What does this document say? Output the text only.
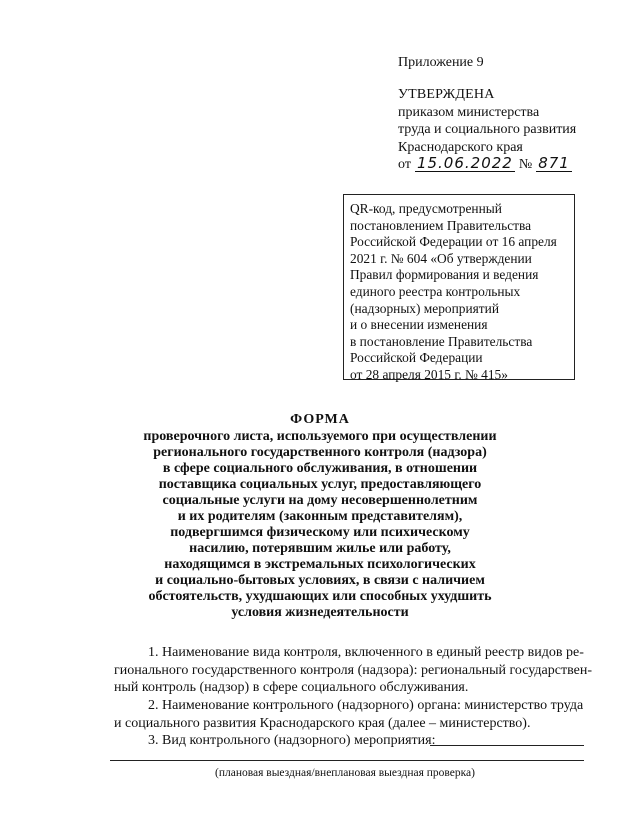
Приложение 9
УТВЕРЖДЕНА
приказом министерства
труда и социального развития
Краснодарского края
от 15.06.2022 № 871
QR-код, предусмотренный
постановлением Правительства
Российской Федерации от 16 апреля
2021 г. № 604 «Об утверждении
Правил формирования и ведения
единого реестра контрольных
(надзорных) мероприятий
и о внесении изменения
в постановление Правительства
Российской Федерации
от 28 апреля 2015 г. № 415»
ФОРМА
проверочного листа, используемого при осуществлении
регионального государственного контроля (надзора)
в сфере социального обслуживания, в отношении
поставщика социальных услуг, предоставляющего
социальные услуги на дому несовершеннолетним
и их родителям (законным представителям),
подвергшимся физическому или психическому
насилию, потерявшим жилье или работу,
находящимся в экстремальных психологических
и социально-бытовых условиях, в связи с наличием
обстоятельств, ухудшающих или способных ухудшить
условия жизнедеятельности
1. Наименование вида контроля, включенного в единый реестр видов ре-
гионального государственного контроля (надзора): региональный государствен-
ный контроль (надзор) в сфере социального обслуживания.
2. Наименование контрольного (надзорного) органа: министерство труда
и социального развития Краснодарского края (далее – министерство).
3. Вид контрольного (надзорного) мероприятия:
(плановая выездная/внеплановая выездная проверка)
